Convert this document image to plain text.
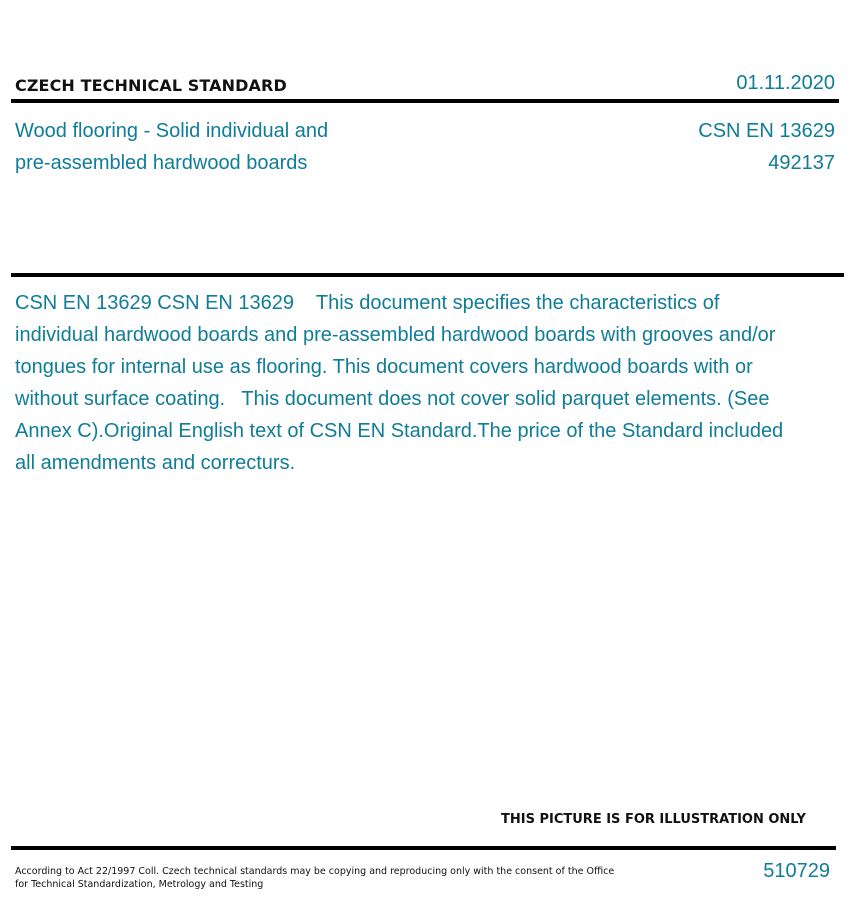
CZECH TECHNICAL STANDARD	01.11.2020
Wood flooring - Solid individual and
pre-assembled hardwood boards
CSN EN 13629
492137
CSN EN 13629 CSN EN 13629    This document specifies the characteristics of individual hardwood boards and pre-assembled hardwood boards with grooves and/or tongues for internal use as flooring. This document covers hardwood boards with or without surface coating.   This document does not cover solid parquet elements. (See Annex C).Original English text of CSN EN Standard.The price of the Standard included all amendments and correcturs.
THIS PICTURE IS FOR ILLUSTRATION ONLY
According to Act 22/1997 Coll. Czech technical standards may be copying and reproducing only with the consent of the Office
for Technical Standardization, Metrology and Testing
510729
